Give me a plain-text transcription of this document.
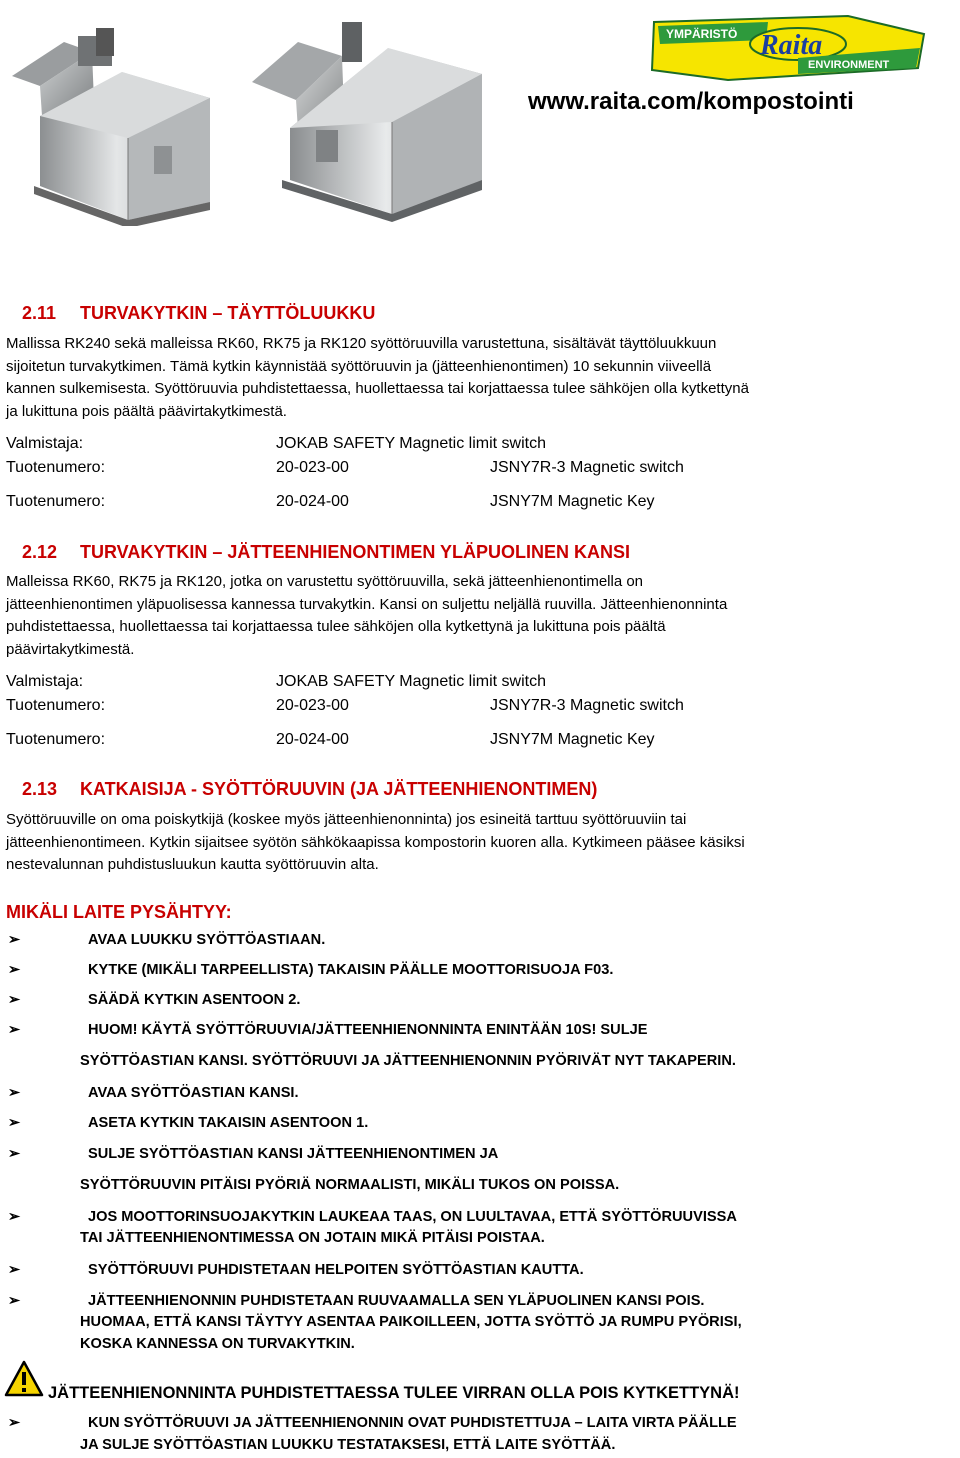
YMPÄRISTÖ Raita
ENVIRONMENT
www.raita.com/kompostointi
2.11 TURVAKYTKIN – TÄYTTÖLUUKKU
Mallissa RK240 sekä malleissa RK60, RK75 ja RK120 syöttöruuvilla varustettuna, sisältävät täyttöluukkuun
sijoitetun turvakytkimen. Tämä kytkin käynnistää syöttöruuvin ja (jätteenhienontimen) 10 sekunnin viiveellä
kannen sulkemisesta. Syöttöruuvia puhdistettaessa, huollettaessa tai korjattaessa tulee sähköjen olla kytkettynä
ja lukittuna pois päältä päävirtakytkimestä.
Valmistaja:	JOKAB SAFETY Magnetic limit switch
Tuotenumero:	20-023-00	JSNY7R-3 Magnetic switch
Tuotenumero:	20-024-00	JSNY7M Magnetic Key
2.12 TURVAKYTKIN – JÄTTEENHIENONTIMEN YLÄPUOLINEN KANSI
Malleissa RK60, RK75 ja RK120, jotka on varustettu syöttöruuvilla, sekä jätteenhienontimella on
jätteenhienontimen yläpuolisessa kannessa turvakytkin. Kansi on suljettu neljällä ruuvilla. Jätteenhienonninta
puhdistettaessa, huollettaessa tai korjattaessa tulee sähköjen olla kytkettynä ja lukittuna pois päältä
päävirtakytkimestä.
Valmistaja:	JOKAB SAFETY Magnetic limit switch
Tuotenumero:	20-023-00	JSNY7R-3 Magnetic switch
Tuotenumero:	20-024-00	JSNY7M Magnetic Key
2.13 KATKAISIJA - SYÖTTÖRUUVIN (JA JÄTTEENHIENONTIMEN)
Syöttöruuville on oma poiskytkijä (koskee myös jätteenhienonninta) jos esineitä tarttuu syöttöruuviin tai
jätteenhienontimeen. Kytkin sijaitsee syötön sähkökaapissa kompostorin kuoren alla. Kytkimeen pääsee käsiksi
nestevalunnan puhdistusluukun kautta syöttöruuvin alta.
MIKÄLI LAITE PYSÄHTYY:
➢	AVAA LUUKKU SYÖTTÖASTIAAN.
➢	KYTKE (MIKÄLI TARPEELLISTA) TAKAISIN PÄÄLLE MOOTTORISUOJA F03.
➢	SÄÄDÄ KYTKIN ASENTOON 2.
➢	HUOM! KÄYTÄ SYÖTTÖRUUVIA/JÄTTEENHIENONNINTA ENINTÄÄN 10S! SULJE
SYÖTTÖASTIAN KANSI. SYÖTTÖRUUVI JA JÄTTEENHIENONNIN PYÖRIVÄT NYT TAKAPERIN.
➢	AVAA SYÖTTÖASTIAN KANSI.
➢	ASETA KYTKIN TAKAISIN ASENTOON 1.
➢	SULJE SYÖTTÖASTIAN KANSI JÄTTEENHIENONTIMEN JA
SYÖTTÖRUUVIN PITÄISI PYÖRIÄ NORMAALISTI, MIKÄLI TUKOS ON POISSA.
➢	JOS MOOTTORINSUOJAKYTKIN LAUKEAA TAAS, ON LUULTAVAA, ETTÄ SYÖTTÖRUUVISSA
TAI JÄTTEENHIENONTIMESSA ON JOTAIN MIKÄ PITÄISI POISTAA.
➢	SYÖTTÖRUUVI PUHDISTETAAN HELPOITEN SYÖTTÖASTIAN KAUTTA.
➢	JÄTTEENHIENONNIN PUHDISTETAAN RUUVAAMALLA SEN YLÄPUOLINEN KANSI POIS.
HUOMAA, ETTÄ KANSI TÄYTYY ASENTAA PAIKOILLEEN, JOTTA SYÖTTÖ JA RUMPU PYÖRISI,
KOSKA KANNESSA ON TURVAKYTKIN.
JÄTTEENHIENONNINTA PUHDISTETTAESSA TULEE VIRRAN OLLA POIS KYTKETTYNÄ!
➢	KUN SYÖTTÖRUUVI JA JÄTTEENHIENONNIN OVAT PUHDISTETTUJA – LAITA VIRTA PÄÄLLE
JA SULJE SYÖTTÖASTIAN LUUKKU TESTATAKSESI, ETTÄ LAITE SYÖTTÄÄ.
